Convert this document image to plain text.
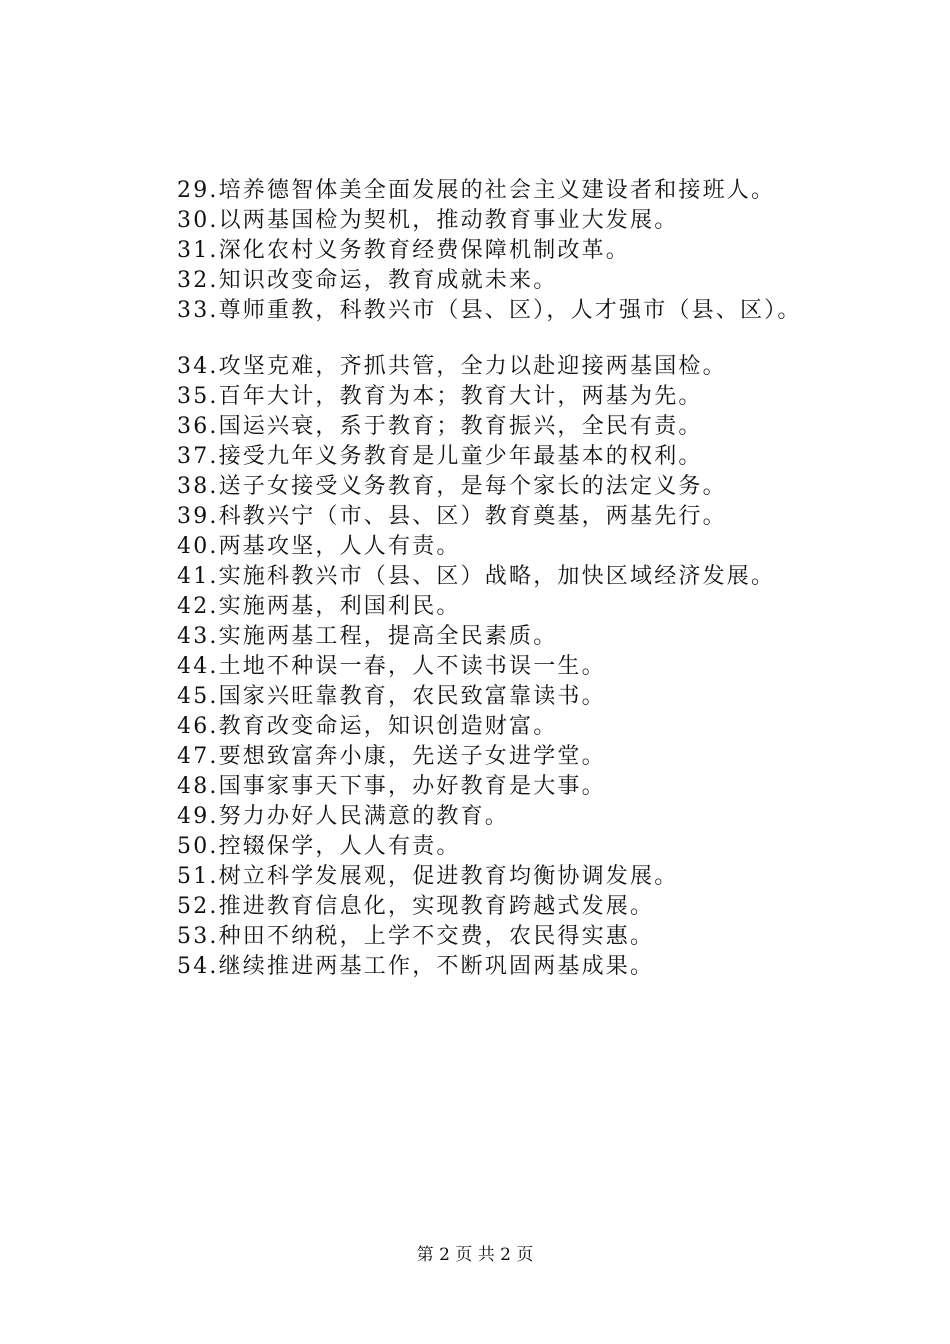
29.培养德智体美全面发展的社会主义建设者和接班人。
30.以两基国检为契机，推动教育事业大发展。
31.深化农村义务教育经费保障机制改革。
32.知识改变命运，教育成就未来。
33.尊师重教，科教兴市（县、区），人才强市（县、区）。
34.攻坚克难，齐抓共管，全力以赴迎接两基国检。
35.百年大计，教育为本；教育大计，两基为先。
36.国运兴衰，系于教育；教育振兴，全民有责。
37.接受九年义务教育是儿童少年最基本的权利。
38.送子女接受义务教育，是每个家长的法定义务。
39.科教兴宁（市、县、区）教育奠基，两基先行。
40.两基攻坚，人人有责。
41.实施科教兴市（县、区）战略，加快区域经济发展。
42.实施两基，利国利民。
43.实施两基工程，提高全民素质。
44.土地不种误一春，人不读书误一生。
45.国家兴旺靠教育，农民致富靠读书。
46.教育改变命运，知识创造财富。
47.要想致富奔小康，先送子女进学堂。
48.国事家事天下事，办好教育是大事。
49.努力办好人民满意的教育。
50.控辍保学，人人有责。
51.树立科学发展观，促进教育均衡协调发展。
52.推进教育信息化，实现教育跨越式发展。
53.种田不纳税，上学不交费，农民得实惠。
54.继续推进两基工作，不断巩固两基成果。
第 2 页 共 2 页
